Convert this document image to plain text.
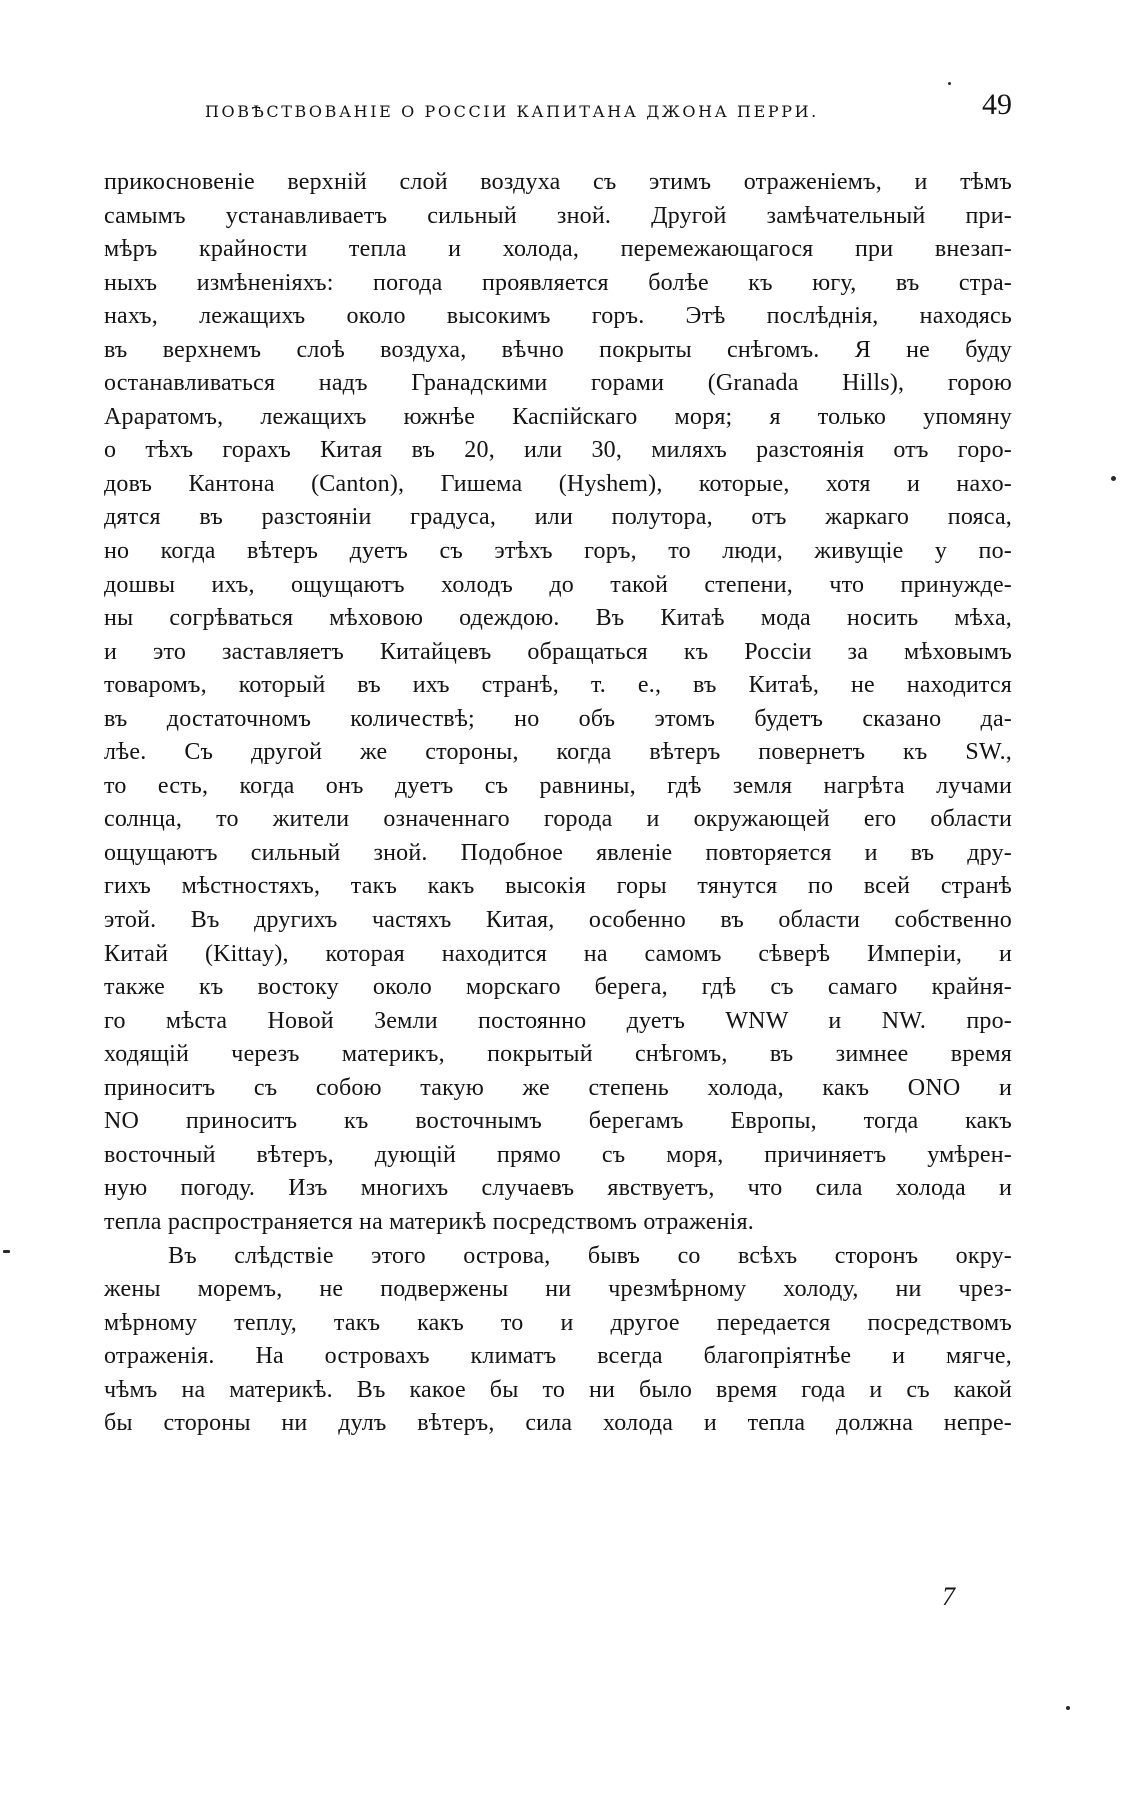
ПОВѢСТВОВАНІЕ О РОССІИ КАПИТАНА ДЖОНА ПЕРРИ.	49
прикосновеніе верхній слой воздуха съ этимъ отраженіемъ, и тѣмъ
самымъ устанавливаетъ сильный зной. Другой замѣчательный при-
мѣръ крайности тепла и холода, перемежающагося при внезап-
ныхъ измѣненіяхъ: погода проявляется болѣе къ югу, въ стра-
нахъ, лежащихъ около высокимъ горъ. Этѣ послѣднія, находясь
въ верхнемъ слоѣ воздуха, вѣчно покрыты снѣгомъ. Я не буду
останавливаться надъ Гранадскими горами (Granada Hills), горою
Араратомъ, лежащихъ южнѣе Каспійскаго моря; я только упомяну
о тѣхъ горахъ Китая въ 20, или 30, миляхъ разстоянія отъ горо-
довъ Кантона (Canton), Гишема (Hyshem), которые, хотя и нахо-
дятся въ разстояніи градуса, или полутора, отъ жаркаго пояса,
но когда вѣтеръ дуетъ съ этѣхъ горъ, то люди, живущіе у по-
дошвы ихъ, ощущаютъ холодъ до такой степени, что принужде-
ны согрѣваться мѣховою одеждою. Въ Китаѣ мода носить мѣха,
и это заставляетъ Китайцевъ обращаться къ Россіи за мѣховымъ
товаромъ, который въ ихъ странѣ, т. е., въ Китаѣ, не находится
въ достаточномъ количествѣ; но объ этомъ будетъ сказано да-
лѣе. Съ другой же стороны, когда вѣтеръ повернетъ къ SW.,
то есть, когда онъ дуетъ съ равнины, гдѣ земля нагрѣта лучами
солнца, то жители означеннаго города и окружающей его области
ощущаютъ сильный зной. Подобное явленіе повторяется и въ дру-
гихъ мѣстностяхъ, такъ какъ высокія горы тянутся по всей странѣ
этой. Въ другихъ частяхъ Китая, особенно въ области собственно
Китай (Kittay), которая находится на самомъ сѣверѣ Имперіи, и
также къ востоку около морскаго берега, гдѣ съ самаго крайня-
го мѣста Новой Земли постоянно дуетъ WNW и NW. про-
ходящій черезъ материкъ, покрытый снѣгомъ, въ зимнее время
приноситъ съ собою такую же степень холода, какъ ONO и
NO приноситъ къ восточнымъ берегамъ Европы, тогда какъ
восточный вѣтеръ, дующій прямо съ моря, причиняетъ умѣрен-
ную погоду. Изъ многихъ случаевъ явствуетъ, что сила холода и
тепла распространяется на материкѣ посредствомъ отраженія.
Въ слѣдствіе этого острова, бывъ со всѣхъ сторонъ окру-
жены моремъ, не подвержены ни чрезмѣрному холоду, ни чрез-
мѣрному теплу, такъ какъ то и другое передается посредствомъ
отраженія. На островахъ климатъ всегда благопріятнѣе и мягче,
чѣмъ на материкѣ. Въ какое бы то ни было время года и съ какой
бы стороны ни дулъ вѣтеръ, сила холода и тепла должна непре-
7
